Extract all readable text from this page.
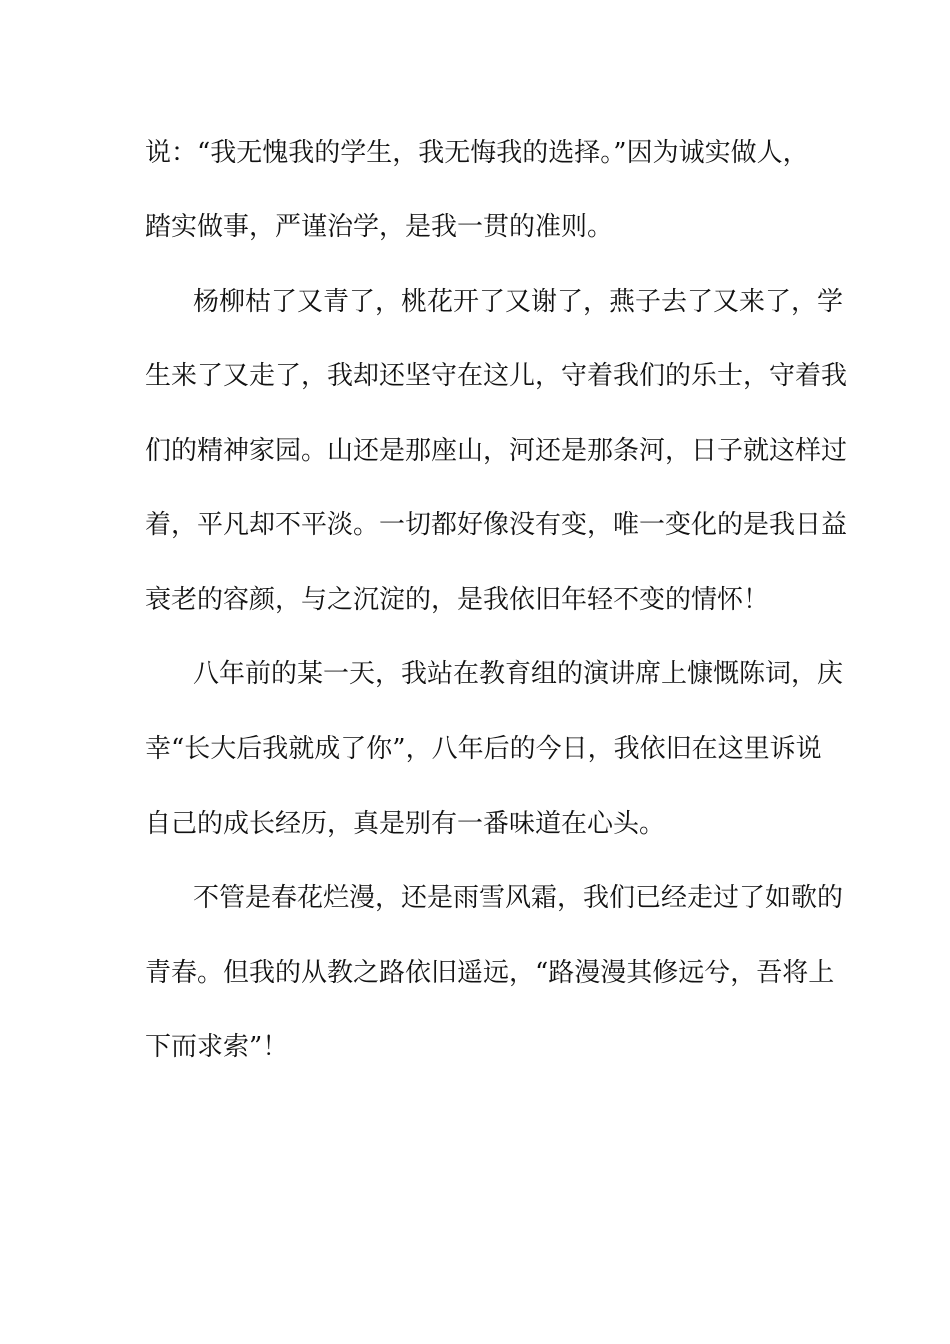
说：“我无愧我的学生，我无悔我的选择。”因为诚实做人，
踏实做事，严谨治学，是我一贯的准则。
杨柳枯了又青了，桃花开了又谢了，燕子去了又来了，学
生来了又走了，我却还坚守在这儿，守着我们的乐士，守着我
们的精神家园。山还是那座山，河还是那条河，日子就这样过
着，平凡却不平淡。一切都好像没有变，唯一变化的是我日益
衰老的容颜，与之沉淀的，是我依旧年轻不变的情怀！
八年前的某一天，我站在教育组的演讲席上慷慨陈词，庆
幸“长大后我就成了你”，八年后的今日，我依旧在这里诉说
自己的成长经历，真是别有一番味道在心头。
不管是春花烂漫，还是雨雪风霜，我们已经走过了如歌的
青春。但我的从教之路依旧遥远，“路漫漫其修远兮，吾将上
下而求索”！
